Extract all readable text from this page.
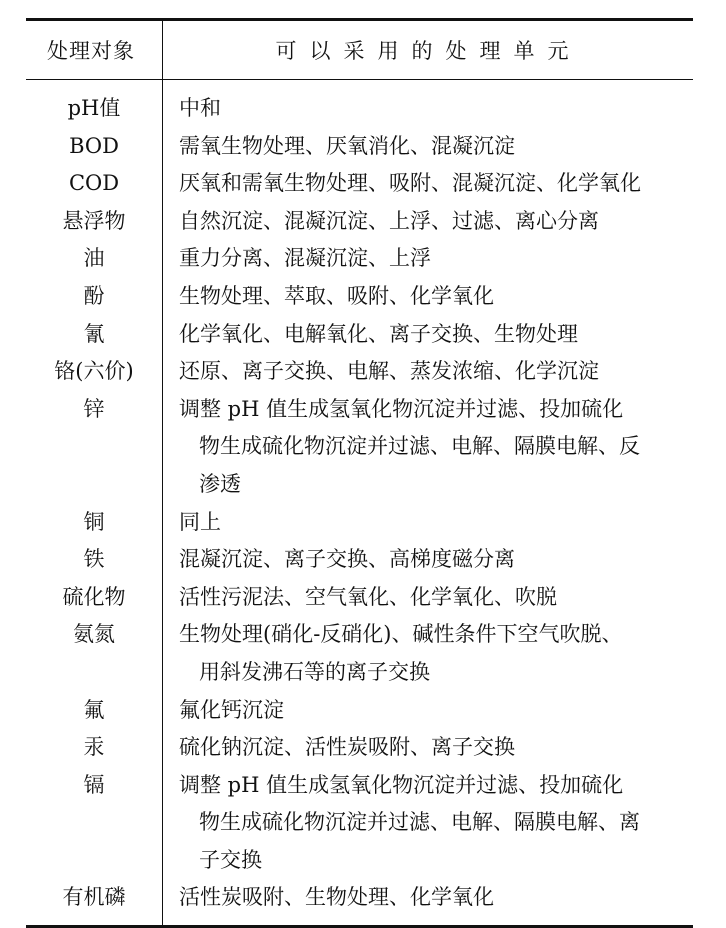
处理对象	可以采用的处理单元
pH值	中和
BOD	需氧生物处理、厌氧消化、混凝沉淀
COD	厌氧和需氧生物处理、吸附、混凝沉淀、化学氧化
悬浮物	自然沉淀、混凝沉淀、上浮、过滤、离心分离
油	重力分离、混凝沉淀、上浮
酚	生物处理、萃取、吸附、化学氧化
氰	化学氧化、电解氧化、离子交换、生物处理
铬(六价)	还原、离子交换、电解、蒸发浓缩、化学沉淀
锌	调整 pH 值生成氢氧化物沉淀并过滤、投加硫化
物生成硫化物沉淀并过滤、电解、隔膜电解、反
渗透
铜	同上
铁	混凝沉淀、离子交换、高梯度磁分离
硫化物	活性污泥法、空气氧化、化学氧化、吹脱
氨氮	生物处理(硝化-反硝化)、碱性条件下空气吹脱、
用斜发沸石等的离子交换
氟	氟化钙沉淀
汞	硫化钠沉淀、活性炭吸附、离子交换
镉	调整 pH 值生成氢氧化物沉淀并过滤、投加硫化
物生成硫化物沉淀并过滤、电解、隔膜电解、离
子交换
有机磷	活性炭吸附、生物处理、化学氧化
